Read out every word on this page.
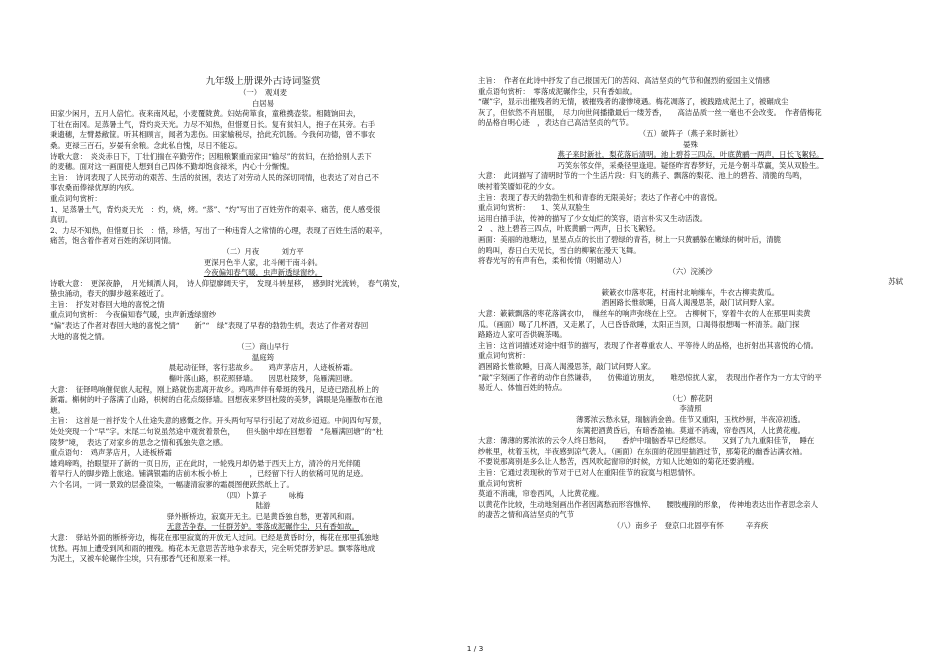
九年级上册课外古诗词鉴赏
（一）　观刈麦
白居易
田家少闲月，五月人倍忙。夜来南风起，小麦覆陇黄。妇姑荷箪食，童稚携壶浆。相随饷田去，
丁壮在南冈。足蒸暑土气，背灼炎天光。力尽不知热，但惜夏日长。复有贫妇人，抱子在其旁。右手
秉遗穗，左臂悬敝筐。听其相顾言，闻者为悲伤。田家输税尽，拾此充饥肠。今我何功德，曾不事农
桑。吏禄三百石，岁晏有余粮。念此私自愧，尽日不能忘。
诗歌大意：　炎炎赤日下，丁壮们揣在辛勤劳作；因粗粮繁重而家田“输尽”的贫妇，在拾拾别人丢下
的麦穗。面对这一画面使人想到自己四体不勤却饱食禄米，内心十分惭愧。
主旨：　诗词表现了人民劳动的艰苦、生活的贫困，表达了对劳动人民的深切同情，也表达了对自己不
事农桑而俸禄优厚的内疚。
重点词句赏析：
1、足蒸暑土气，背灼炎天光　：灼，烧，烤。“蒸”、“灼”写出了百姓劳作的艰辛、痛苦，使人感受很
真切。
2、力尽不知热，但惜夏日长　：惜，珍惜，写出了一种违背人之常情的心理，表现了百姓生活的艰辛，
痛苦，饱含着作者对百姓的深切同情。
（二）月夜　　　刘方平
更深月色半人家，北斗阑干南斗斜。
今夜偏知春气暖，虫声新透绿窗纱。
诗歌大意：　更深夜静，　月光倾洒人间，　诗人仰望廖阔天宇，　发现斗转星移，　感到时光流转，　春气萌发，
蛰虫涌动，春天的脚步越来越近了。
主旨：　抒发对春回大地的喜悦之情
重点词句赏析：　今夜偏知春气暖，虫声新透绿窗纱
“偏”表达了作者对春回大地的喜悦之情“　　新”“　绿”表现了早春的勃勃生机，表达了作者对春回
大地的喜悦之情。
（三）商山早行
温庭筠
晨起动征铎，客行悲故乡。　　鸡声茅店月，人迹板桥霜。
槲叶落山路，枳花照驿墙。　　因思杜陵梦，凫雁满回塘。
大意：　征铎鸣响催促旅人起程，刚上路就伤悲离开故乡。鸡鸣声伴有晕斑的残月，足迹已踏乱桥上的
新霜。槲树的叶子落满了山路，枳树的白花点缀驿墙。回想夜来梦回杜陵的美梦，满眼是凫雁散布在池
塘。
主旨：　这首是一首抒发个人仕途失意的感慨之作。开头两句写早行引起了对故乡迢迢。中间四句写景，
处处突现一个“早”字。末尾二句说虽然途中观赏着景色，　　但头脑中却在回想着　“凫雁满回塘”的“杜
陵梦”境，　表达了对家乡的思念之情和孤独失意之感。
重点语句：　鸡声茅店月，人迹板桥霜
雄鸡啼鸣，抬眼望开了新的一页日历，正在此时，一轮残月却仍悬于西天上方，清冷的月光伴随
着早行人的脚步踏上旅途。铺满银霜的店前木板小桥上　　　，已经留下行人的依稀可见的足迹。
六个名词，一词一景致的层叠渲染，一幅凄清寂寥的霜晨图便跃然纸上了。
（四）卜算子　　　咏梅
陆游
驿外断桥边，寂寞开无主。已是黄昏独自愁，更著风和雨。
无意苦争春，一任群芳妒。零落成泥碾作尘，只有香如故。
大意：　驿站外面的断桥旁边，梅花在那里寂寞的开放无人过问。已经是黄昏时分，梅花在那里孤独地
忧愁。再加上遭受到风和雨的摧残。梅花本无意思苦苦地争求春天，完全听凭群芳妒忌。飘零落地成
为泥土，又被车轮碾作尘埃，只有那香气还和原来一样。
主旨：　作者在此诗中抒发了自己报国无门的苦闷、高洁坚贞的气节和倔烈的爱国主义情感
重点语句赏析：　零落成泥碾作尘，只有香如故。
“碾”字，显示出摧残者的无情，被摧残者的凄惨境遇。梅花凋落了，被践踏成泥土了，被碾成尘
灰了，但依然不肖屈服，　尽力向世间播撒最后一缕芳香，　　高洁品质一丝一毫也不会改变。　作者借梅花
的品格自明心迹　，表达自己高洁坚贞的气节。
（五）破阵子（燕子来时新社）
晏殊
燕子来时新社，梨花落后清明。池上碧苔三四点，叶底黄鹂一两声，日长飞絮轻。
巧笑东邻女伴，采桑径里逢迎。疑怪昨宵春梦好，元是今朝斗草赢，笑从双脸生。
大意：　此词描写了清明时节的一个生活片段：归飞的燕子、飘落的梨花、池上的碧苔、清脆的鸟鸣，
映衬着笑靥如花的少女。
主旨：表现了春天的勃勃生机和青春的无限美好；表达了作者心中的喜悦。
重点词句赏析：　　1、笑从双脸生
运用白描手法，传神的描写了少女灿烂的笑容，语言朴实又生动活泼。
2　、池上碧苔三四点，叶底黄鹂一两声，日长飞絮轻。
画面：美丽的池塘边，星星点点的长出了碧绿的青苔，树上一只黄鹂躲在嫩绿的树叶后，清脆
的鸣叫，春日白天见长，雪白的柳絮在漫天飞舞。
将春光写的有声有色，柔和传情（明媚动人）
（六）浣溪沙
苏轼
簌簌衣巾落枣花，村南村北响缫车，牛衣古柳卖黄瓜。
酒困路长惟欲睡，日高人渴漫思茶，敲门试问野人家。
大意：簌簌飘落的枣花落满衣巾，　缫丝车的响声弥绕在上空。　古柳树下，穿着牛衣的人在那里叫卖黄
瓜。（画面）喝了几杯酒，又走累了，人已昏昏欲睡，太阳正当顶，口渴得很想喝一杯清茶。敲门探
路路边人家可否供碗茶喝。
主旨：这首词描述对途中细节的描写，表现了作者尊重农人、平等待人的品格，也折射出其喜悦的心情。
重点词句赏析：
酒困路长惟欲睡，日高人渴漫思茶，敲门试问野人家。
“敲”字刻画了作者的动作自然谦恭，　　仿佛道访朋友，　　唯恐惊扰人家，　表现出作者作为一方太守的平
易近人、体恤百姓的特点。
（七）醉花阴
李清照
薄雾浓云愁永昼，瑞脑消金兽。佳节又重阳，玉枕纱厨，半夜凉初透。
东篱把酒黄昏后，有暗香盈袖。莫道不消魂，帘卷西风，人比黄花瘦。
大意：薄薄的雾浓浓的云令人终日愁闷，　　香炉中瑞脑香早已经燃尽。　　又到了九九重阳佳节，　睡在
纱帐里，枕着玉枕，半夜感到凉气袭人。（画面）在东面的花园里揣酒过节，那菊花的幽香沾满衣袖。
不要说那离别是多么让人愁苦，西风吹起窗帘的时候，方知人比她如的菊花还要消瘦。
主旨：它通过表现秋的节对于已对人在重阳佳节的寂寞与相思情怀。
重点词句赏析
莫道不消魂，帘卷西风，人比黄花瘦。
以黄花作比较，生动地刻画出作者因离愁而形容憔悴、　　腰肢瘦削的形象，　传神地表达出作者思念亲人
的凄苦之情和高洁坚贞的气节
（八）南乡子　登京口北固亭有怀　　　辛弃疾
1 / 3
